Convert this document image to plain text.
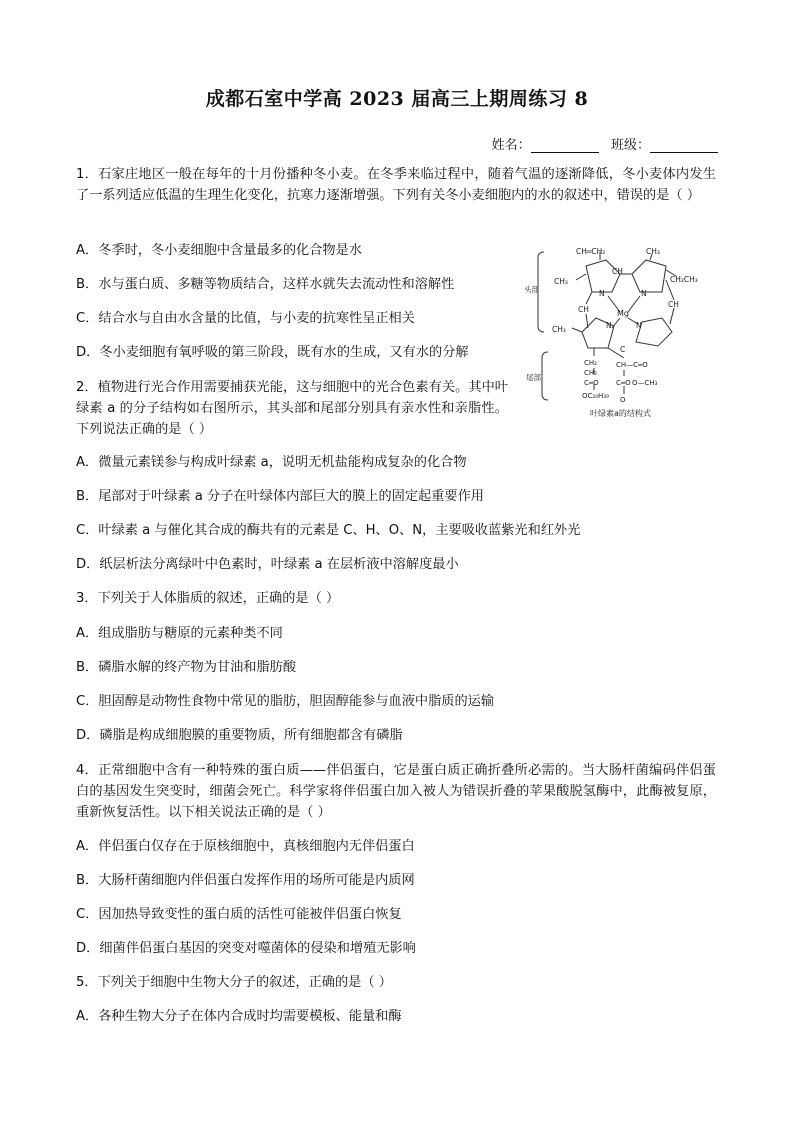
成都石室中学高 2023 届高三上期周练习 8
姓名：	班级：
1．石家庄地区一般在每年的十月份播种冬小麦。在冬季来临过程中，随着气温的逐渐降低，冬小麦体内发生了一系列适应低温的生理生化变化，抗寒力逐渐增强。下列有关冬小麦细胞内的水的叙述中，错误的是（ ）
A．冬季时，冬小麦细胞中含量最多的化合物是水
B．水与蛋白质、多糖等物质结合，这样水就失去流动性和溶解性
C．结合水与自由水含量的比值，与小麦的抗寒性呈正相关
D．冬小麦细胞有氧呼吸的第三阶段，既有水的生成，又有水的分解
2．植物进行光合作用需要捕获光能，这与细胞中的光合色素有关。其中叶绿素 a 的分子结构如右图所示，其头部和尾部分别具有亲水性和亲脂性。下列说法正确的是（ ）
A．微量元素镁参与构成叶绿素 a，说明无机盐能构成复杂的化合物
B．尾部对于叶绿素 a 分子在叶绿体内部巨大的膜上的固定起重要作用
C．叶绿素 a 与催化其合成的酶共有的元素是 C、H、O、N，主要吸收蓝紫光和红外光
D．纸层析法分离绿叶中色素时，叶绿素 a 在层析液中溶解度最小
3．下列关于人体脂质的叙述，正确的是（ ）
A．组成脂肪与糖原的元素种类不同
B．磷脂水解的终产物为甘油和脂肪酸
C．胆固醇是动物性食物中常见的脂肪，胆固醇能参与血液中脂质的运输
D．磷脂是构成细胞膜的重要物质，所有细胞都含有磷脂
4．正常细胞中含有一种特殊的蛋白质——伴侣蛋白，它是蛋白质正确折叠所必需的。当大肠杆菌编码伴侣蛋白的基因发生突变时，细菌会死亡。科学家将伴侣蛋白加入被人为错误折叠的苹果酸脱氢酶中，此酶被复原，重新恢复活性。以下相关说法正确的是（ ）
A．伴侣蛋白仅存在于原核细胞中，真核细胞内无伴侣蛋白
B．大肠杆菌细胞内伴侣蛋白发挥作用的场所可能是内质网
C．因加热导致变性的蛋白质的活性可能被伴侣蛋白恢复
D．细菌伴侣蛋白基因的突变对噬菌体的侵染和增殖无影响
5．下列关于细胞中生物大分子的叙述，正确的是（ ）
A．各种生物大分子在体内合成时均需要模板、能量和酶
CH═CH₂	CH₃
CH₃	CH₂CH₃
CH
CH
CH
N	N
N	N
Mg
CH₃
CH₂
CH₂
C═O
OC₂₀H₃₉
C
CH—C═O
C═O O—CH₃
O
头部
尾部
叶绿素a的结构式
